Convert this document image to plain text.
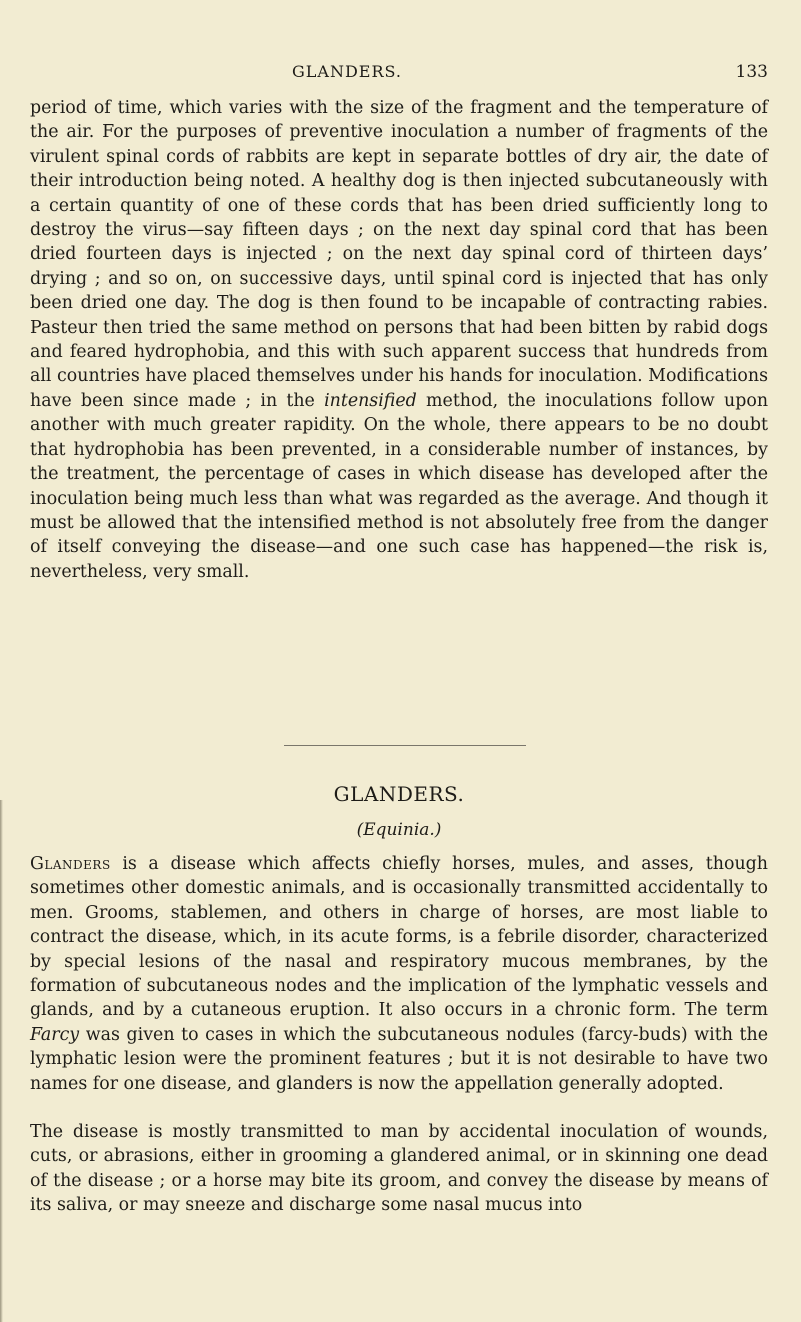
GLANDERS.	133

period of time, which varies with the size of the fragment and the temperature of the air. For the purposes of preventive inoculation a number of fragments of the virulent spinal cords of rabbits are kept in separate bottles of dry air, the date of their introduction being noted. A healthy dog is then injected subcutaneously with a certain quantity of one of these cords that has been dried sufficiently long to destroy the virus—say fifteen days ; on the next day spinal cord that has been dried fourteen days is injected ; on the next day spinal cord of thirteen days’ drying ; and so on, on successive days, until spinal cord is injected that has only been dried one day. The dog is then found to be incapable of contracting rabies. Pasteur then tried the same method on persons that had been bitten by rabid dogs and feared hydrophobia, and this with such apparent success that hundreds from all countries have placed themselves under his hands for inoculation. Modifications have been since made ; in the intensified method, the inoculations follow upon another with much greater rapidity. On the whole, there appears to be no doubt that hydrophobia has been prevented, in a considerable number of instances, by the treatment, the percentage of cases in which disease has developed after the inoculation being much less than what was regarded as the average. And though it must be allowed that the intensified method is not absolutely free from the danger of itself conveying the disease—and one such case has happened—the risk is, nevertheless, very small.

GLANDERS.
(Equinia.)

Glanders is a disease which affects chiefly horses, mules, and asses, though sometimes other domestic animals, and is occasionally transmitted accidentally to men. Grooms, stablemen, and others in charge of horses, are most liable to contract the disease, which, in its acute forms, is a febrile disorder, characterized by special lesions of the nasal and respiratory mucous membranes, by the formation of subcutaneous nodes and the implication of the lymphatic vessels and glands, and by a cutaneous eruption. It also occurs in a chronic form. The term Farcy was given to cases in which the subcutaneous nodules (farcy-buds) with the lymphatic lesion were the prominent features ; but it is not desirable to have two names for one disease, and glanders is now the appellation generally adopted.

The disease is mostly transmitted to man by accidental inoculation of wounds, cuts, or abrasions, either in grooming a glandered animal, or in skinning one dead of the disease ; or a horse may bite its groom, and convey the disease by means of its saliva, or may sneeze and discharge some nasal mucus into
